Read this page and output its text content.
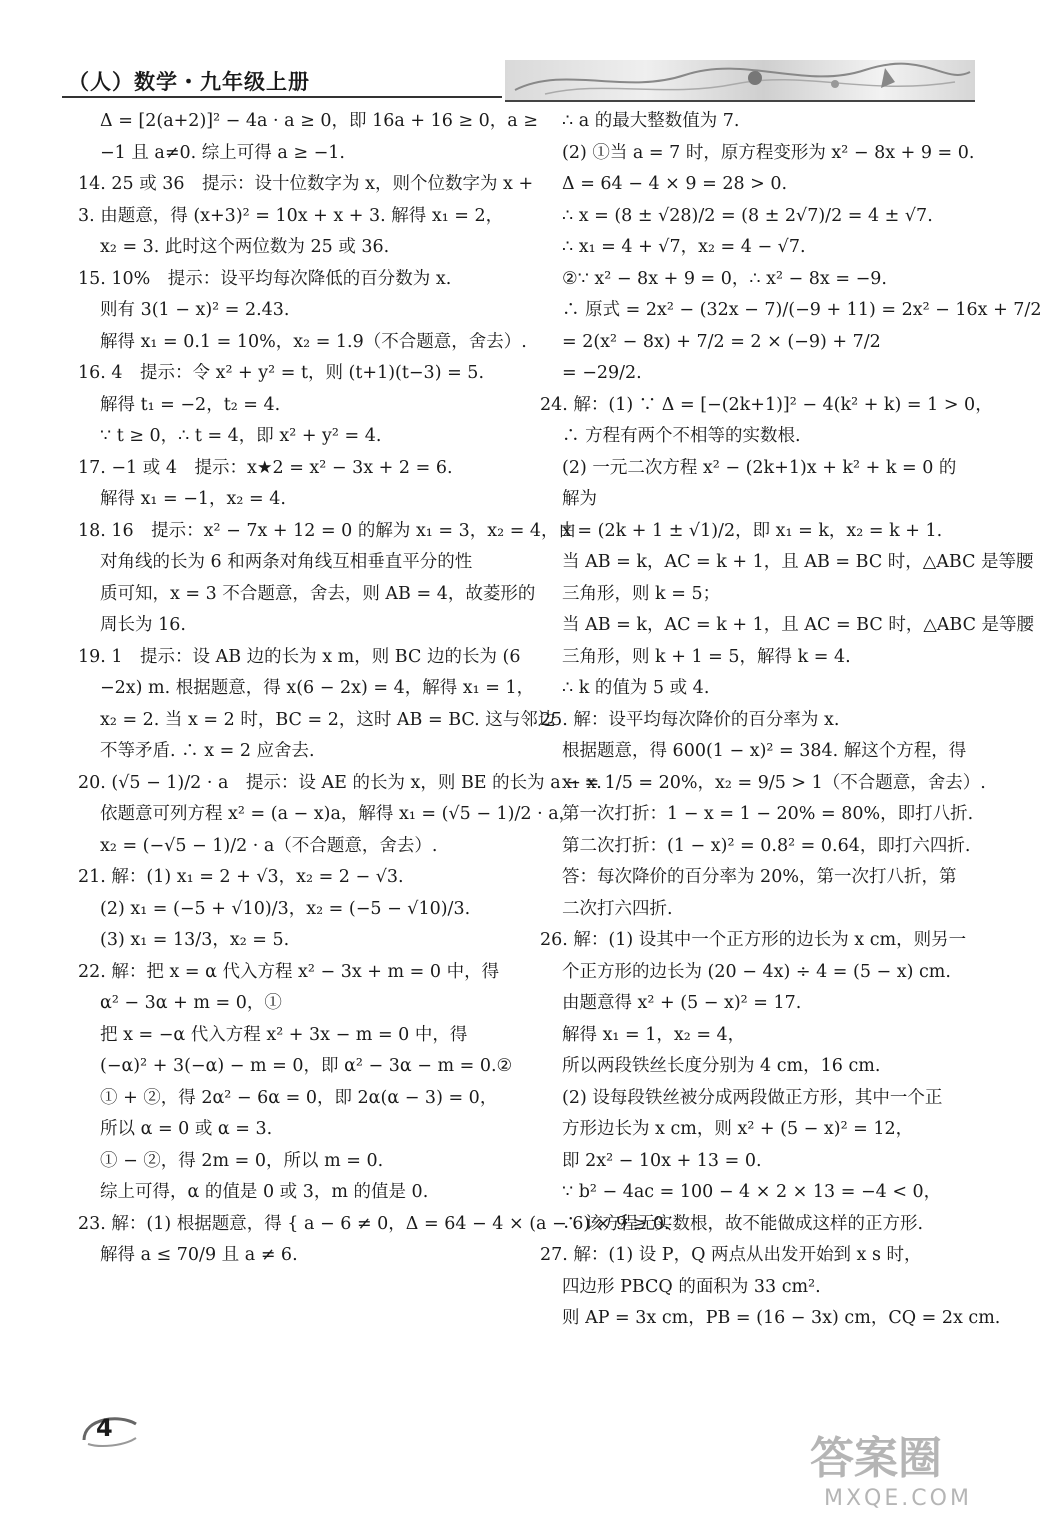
（人）数学・九年级上册
Δ = [2(a+2)]² − 4a · a ≥ 0，即 16a + 16 ≥ 0，a ≥
−1 且 a≠0. 综上可得 a ≥ −1.
14. 25 或 36　提示：设十位数字为 x，则个位数字为 x +
3. 由题意，得 (x+3)² = 10x + x + 3. 解得 x₁ = 2，
x₂ = 3. 此时这个两位数为 25 或 36.
15. 10%　提示：设平均每次降低的百分数为 x.
则有 3(1 − x)² = 2.43.
解得 x₁ = 0.1 = 10%，x₂ = 1.9（不合题意，舍去）.
16. 4　提示：令 x² + y² = t，则 (t+1)(t−3) = 5.
解得 t₁ = −2，t₂ = 4.
∵ t ≥ 0，∴ t = 4，即 x² + y² = 4.
17. −1 或 4　提示：x★2 = x² − 3x + 2 = 6.
解得 x₁ = −1，x₂ = 4.
18. 16　提示：x² − 7x + 12 = 0 的解为 x₁ = 3，x₂ = 4，由
对角线的长为 6 和两条对角线互相垂直平分的性
质可知，x = 3 不合题意，舍去，则 AB = 4，故菱形的
周长为 16.
19. 1　提示：设 AB 边的长为 x m，则 BC 边的长为 (6
−2x) m. 根据题意，得 x(6 − 2x) = 4，解得 x₁ = 1，
x₂ = 2. 当 x = 2 时，BC = 2，这时 AB = BC. 这与邻边
不等矛盾. ∴ x = 2 应舍去.
20. (√5 − 1)/2 · a　提示：设 AE 的长为 x，则 BE 的长为 a − x.
依题意可列方程 x² = (a − x)a，解得 x₁ = (√5 − 1)/2 · a，
x₂ = (−√5 − 1)/2 · a（不合题意，舍去）.
21. 解：(1) x₁ = 2 + √3，x₂ = 2 − √3.
(2) x₁ = (−5 + √10)/3，x₂ = (−5 − √10)/3.
(3) x₁ = 13/3，x₂ = 5.
22. 解：把 x = α 代入方程 x² − 3x + m = 0 中，得
α² − 3α + m = 0，①
把 x = −α 代入方程 x² + 3x − m = 0 中，得
(−α)² + 3(−α) − m = 0，即 α² − 3α − m = 0.②
① + ②，得 2α² − 6α = 0，即 2α(α − 3) = 0，
所以 α = 0 或 α = 3.
① − ②，得 2m = 0，所以 m = 0.
综上可得，α 的值是 0 或 3，m 的值是 0.
23. 解：(1) 根据题意，得 { a − 6 ≠ 0，Δ = 64 − 4 × (a − 6) × 9 ≥ 0.
解得 a ≤ 70/9 且 a ≠ 6.
∴ a 的最大整数值为 7.
(2) ①当 a = 7 时，原方程变形为 x² − 8x + 9 = 0.
Δ = 64 − 4 × 9 = 28 > 0.
∴ x = (8 ± √28)/2 = (8 ± 2√7)/2 = 4 ± √7.
∴ x₁ = 4 + √7，x₂ = 4 − √7.
②∵ x² − 8x + 9 = 0，∴ x² − 8x = −9.
∴ 原式 = 2x² − (32x − 7)/(−9 + 11) = 2x² − 16x + 7/2
= 2(x² − 8x) + 7/2 = 2 × (−9) + 7/2
= −29/2.
24. 解：(1) ∵ Δ = [−(2k+1)]² − 4(k² + k) = 1 > 0，
∴ 方程有两个不相等的实数根.
(2) 一元二次方程 x² − (2k+1)x + k² + k = 0 的
解为
x = (2k + 1 ± √1)/2，即 x₁ = k，x₂ = k + 1.
当 AB = k，AC = k + 1，且 AB = BC 时，△ABC 是等腰
三角形，则 k = 5；
当 AB = k，AC = k + 1，且 AC = BC 时，△ABC 是等腰
三角形，则 k + 1 = 5，解得 k = 4.
∴ k 的值为 5 或 4.
25. 解：设平均每次降价的百分率为 x.
根据题意，得 600(1 − x)² = 384. 解这个方程，得
x₁ = 1/5 = 20%，x₂ = 9/5 > 1（不合题意，舍去）.
第一次打折：1 − x = 1 − 20% = 80%，即打八折.
第二次打折：(1 − x)² = 0.8² = 0.64，即打六四折.
答：每次降价的百分率为 20%，第一次打八折，第
二次打六四折.
26. 解：(1) 设其中一个正方形的边长为 x cm，则另一
个正方形的边长为 (20 − 4x) ÷ 4 = (5 − x) cm.
由题意得 x² + (5 − x)² = 17.
解得 x₁ = 1，x₂ = 4，
所以两段铁丝长度分别为 4 cm，16 cm.
(2) 设每段铁丝被分成两段做正方形，其中一个正
方形边长为 x cm，则 x² + (5 − x)² = 12，
即 2x² − 10x + 13 = 0.
∵ b² − 4ac = 100 − 4 × 2 × 13 = −4 < 0，
∴ 该方程无实数根，故不能做成这样的正方形.
27. 解：(1) 设 P，Q 两点从出发开始到 x s 时，
四边形 PBCQ 的面积为 33 cm².
则 AP = 3x cm，PB = (16 − 3x) cm，CQ = 2x cm.
4
答案圈
MXQE.COM
